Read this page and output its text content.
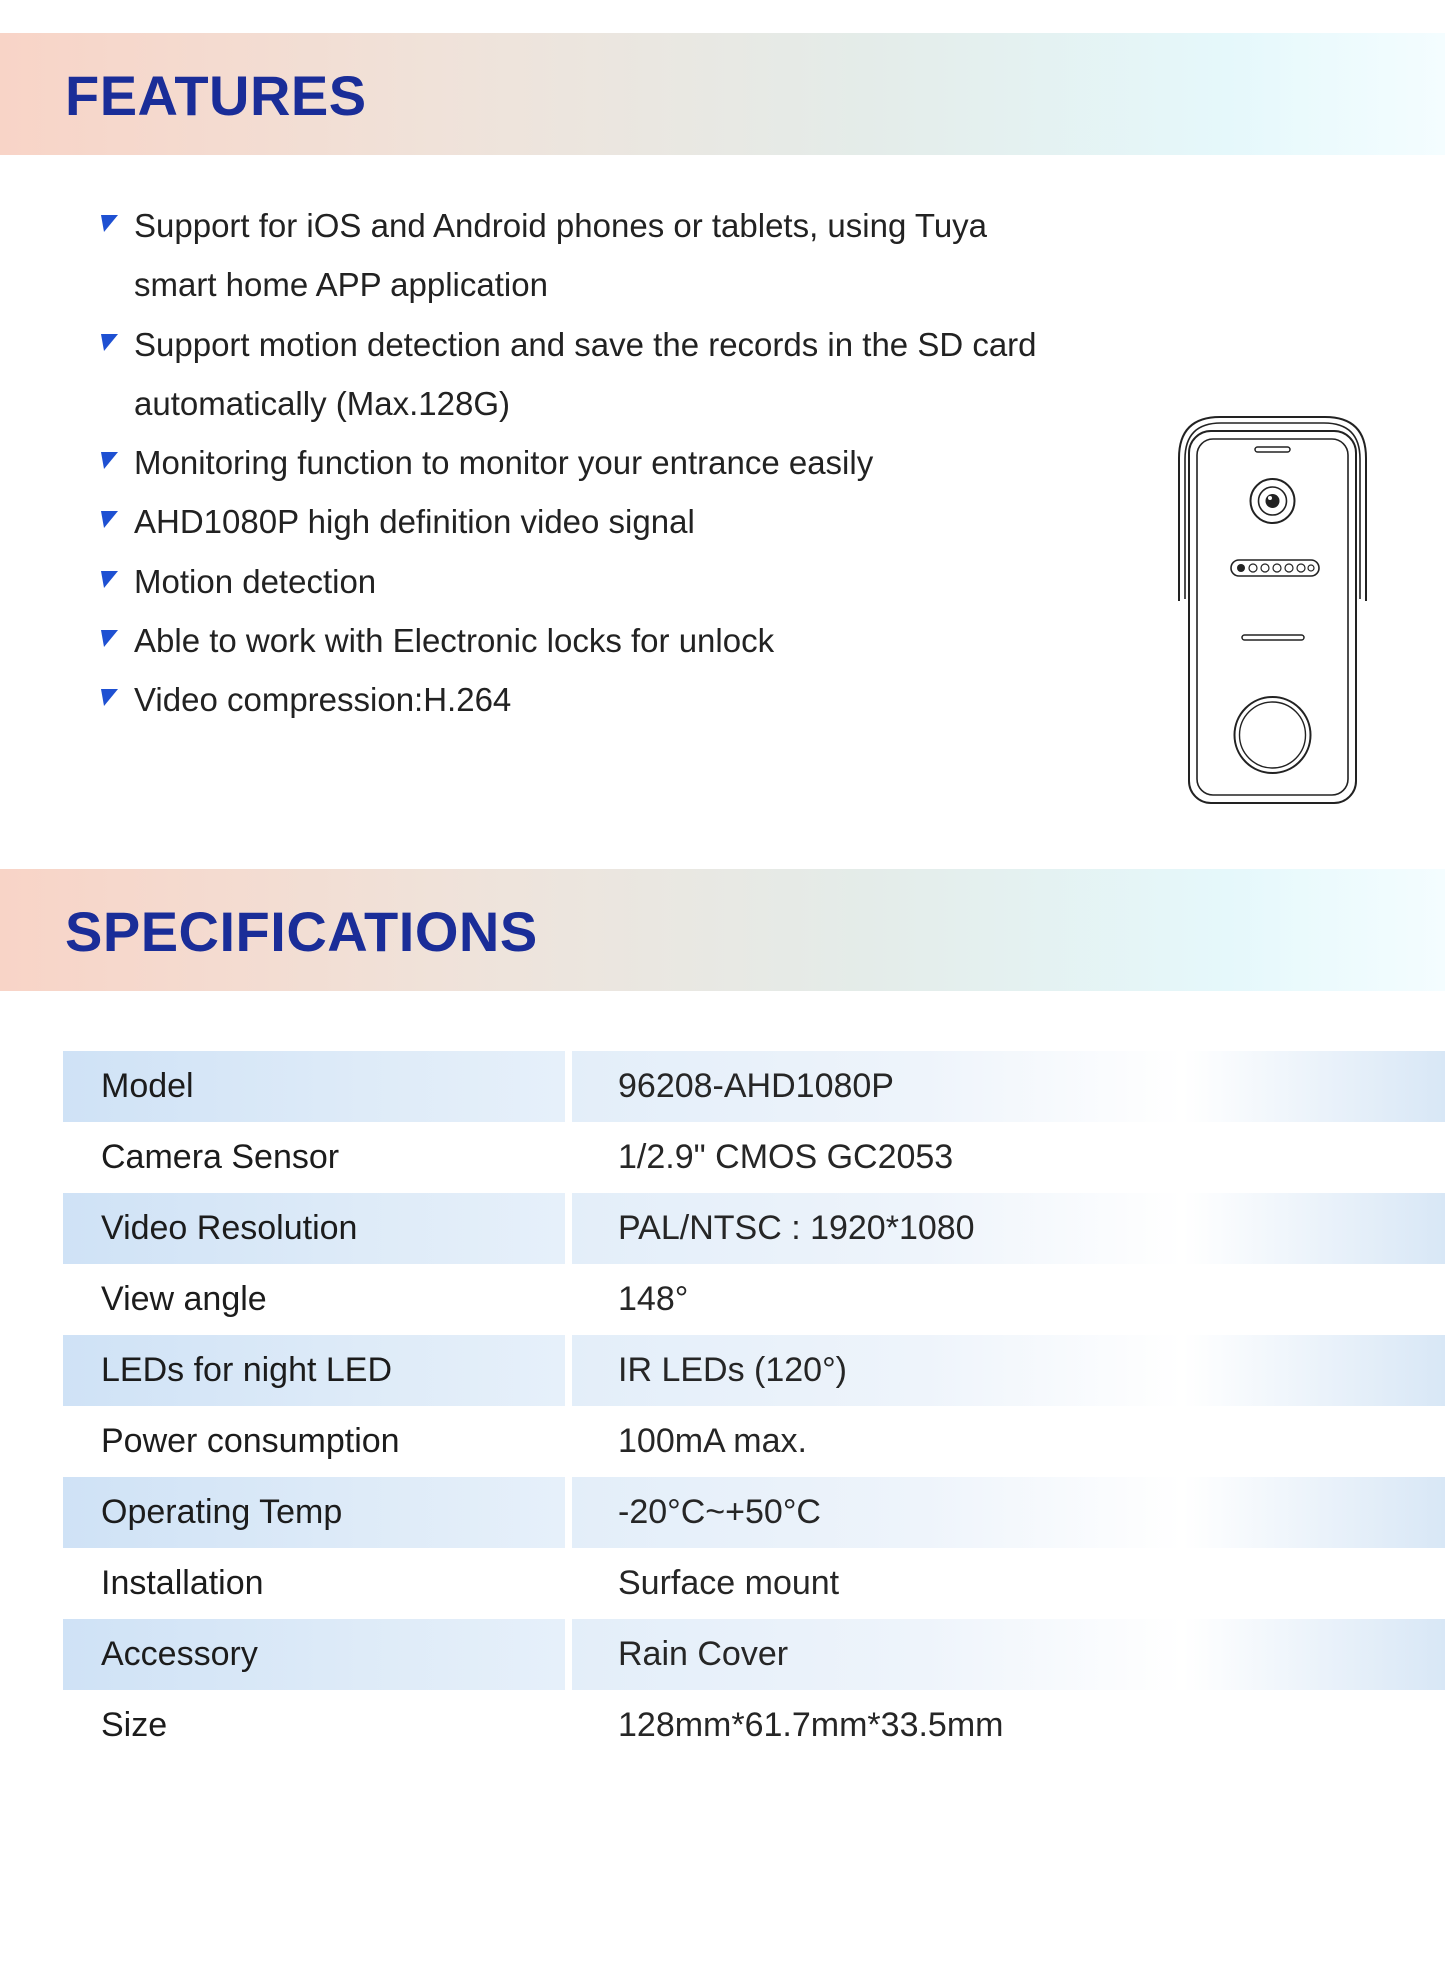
FEATURES
Support for iOS and Android phones or tablets, using Tuya
smart home APP application
Support motion detection and save the records in the SD card
automatically (Max.128G)
Monitoring function to monitor your entrance easily
AHD1080P high definition video signal
Motion detection
Able to work with Electronic locks for unlock
Video compression:H.264
SPECIFICATIONS
Model	96208-AHD1080P
Camera Sensor	1/2.9" CMOS GC2053
Video Resolution	PAL/NTSC : 1920*1080
View angle	148°
LEDs for night LED	IR LEDs (120°)
Power consumption	100mA max.
Operating Temp	-20°C~+50°C
Installation	Surface mount
Accessory	Rain Cover
Size	128mm*61.7mm*33.5mm
